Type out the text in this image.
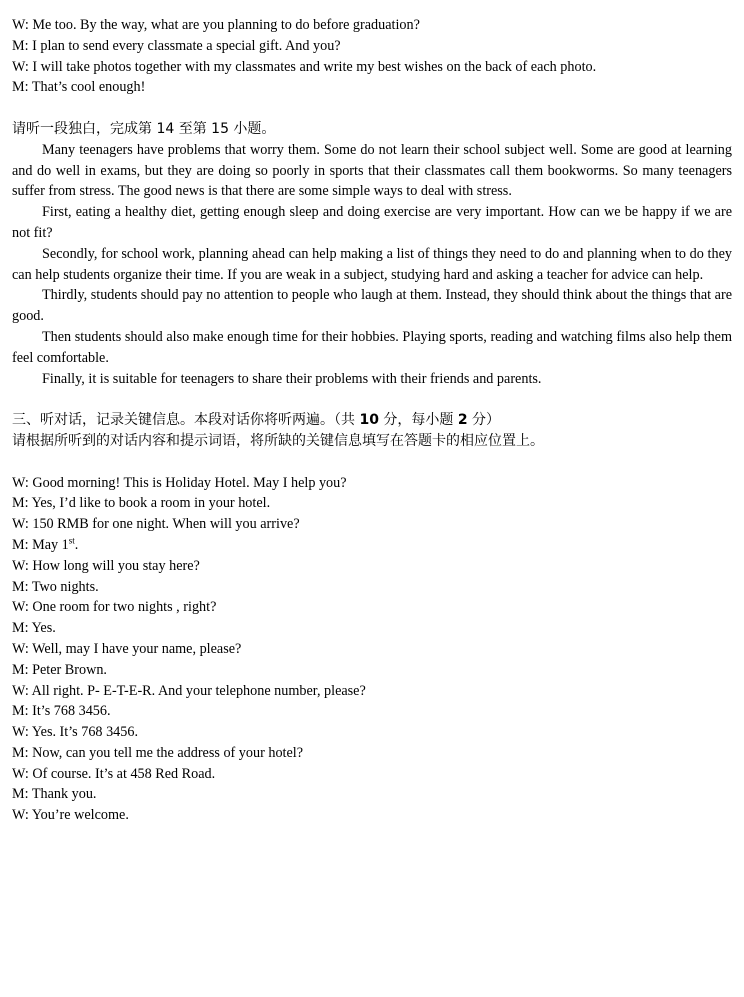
W: Me too. By the way, what are you planning to do before graduation?
M: I plan to send every classmate a special gift. And you?
W: I will take photos together with my classmates and write my best wishes on the back of each photo.
M: That’s cool enough!
请听一段独白，完成第 14 至第 15 小题。
Many teenagers have problems that worry them. Some do not learn their school subject well. Some are good at learning and do well in exams, but they are doing so poorly in sports that their classmates call them bookworms. So many teenagers suffer from stress. The good news is that there are some simple ways to deal with stress.
First, eating a healthy diet, getting enough sleep and doing exercise are very important. How can we be happy if we are not fit?
Secondly, for school work, planning ahead can help making a list of things they need to do and planning when to do they can help students organize their time. If you are weak in a subject, studying hard and asking a teacher for advice can help.
Thirdly, students should pay no attention to people who laugh at them. Instead, they should think about the things that are good.
Then students should also make enough time for their hobbies. Playing sports, reading and watching films also help them feel comfortable.
Finally, it is suitable for teenagers to share their problems with their friends and parents.
三、听对话，记录关键信息。本段对话你将听两遍。（共 10 分，每小题 2 分）
请根据所听到的对话内容和提示词语，将所缺的关键信息填写在答题卡的相应位置上。
W: Good morning! This is Holiday Hotel. May I help you?
M: Yes, I’d like to book a room in your hotel.
W: 150 RMB for one night. When will you arrive?
M: May 1st.
W: How long will you stay here?
M: Two nights.
W: One room for two nights , right?
M: Yes.
W: Well, may I have your name, please?
M: Peter Brown.
W: All right. P- E-T-E-R. And your telephone number, please?
M: It’s 768 3456.
W: Yes. It’s 768 3456.
M: Now, can you tell me the address of your hotel?
W: Of course. It’s at 458 Red Road.
M: Thank you.
W: You’re welcome.
